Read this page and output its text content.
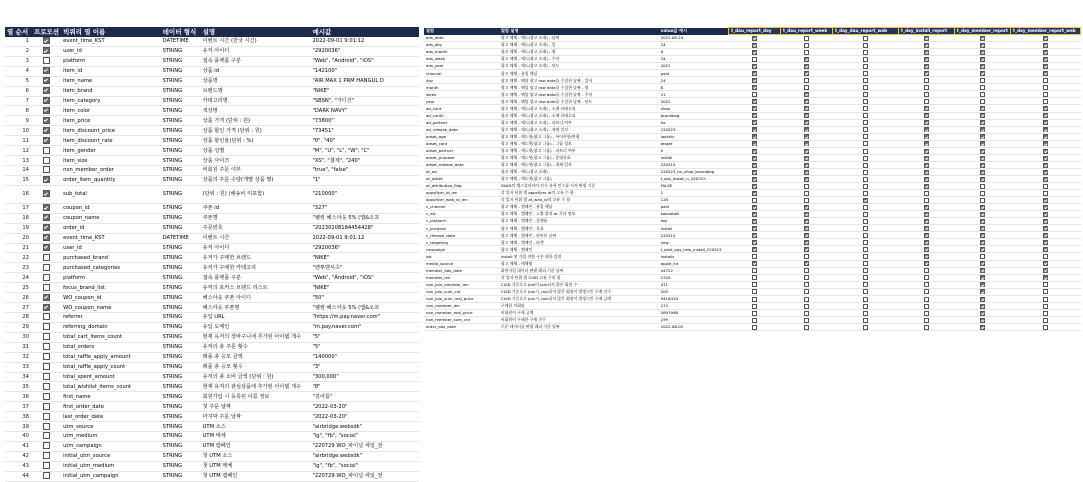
열 순서	프로모션	빅쿼리 열 이름	데이터 형식	설명	예시값
1		event_time_KST	DATETIME	이벤트 시간 (한국 시간)	2022-09-01 9:01:12
2		user_id	STRING	유저 아이디	"2920036"
3		platform	STRING	접속 플랫폼 구분	"Web", "Android", "iOS"
4		item_id	STRING	상품 id	"142100"
5		item_name	STRING	상품명	"AIR MAX 1 PRM HANGUL D
6		item_brand	STRING	브랜드명	"NIKE"
7		item_category	STRING	카테고리명	"SBSN", "가디건"
8		item_color	STRING	색상명	"DARK NAVY"
9		item_price	STRING	상품 가격 (단위 : 원)	"73800"
10		item_discount_price	STRING	상품 할인 가격 (단위 : 원)	"73451"
11		item_discount_rate	STRING	상품 할인율(단위 : %)	"0", "40"
12		item_gender	STRING	상품 성별	"M", "U", "L", "W", "C"
13		item_size	STRING	상품 사이즈	"XS", "철제", "240"
14		non_member_order	STRING	비회원 주문 여부	"true", "false"
15		order_item_quantity	STRING	상품의 주문 수량(개별 상품 별)	"1"
16		sub_total	STRING	(단위 : 원) (배송비 미포함)	"210000"
17		coupon_id	STRING	쿠폰 id	"327"
18		coupon_name	STRING	쿠폰명	"웰컴 혜스아웃 5% (앱&오프
19		order_id	STRING	주문번호	"20230108184454428"
20		event_time_KST	DATETIME	이벤트 시간	2022-09-01 9:01:12
21		user_id	STRING	유저 아이디	"2920036"
22		purchased_brand	STRING	유저가 구매한 브랜드	"NIKE"
23		purchased_categories	STRING	유저가 구매한 카테고리	"맨투맨셔츠"
24		platform	STRING	접속 플랫폼 구분	"Web", "Android", "iOS"
25		focus_brand_list	STRING	유저의 포커스 브랜드 리스트	"NIKE"
26		WO_coupon_id	STRING	혜스아웃 쿠폰 아이디	"50"
27		WO_coupon_name	STRING	혜스아웃 쿠폰명	"웰컴 혜스아웃 5% (앱&오프
28		referrer	STRING	유입 URL	"https://m.pay.naver.com"
29		referring_domain	STRING	유입 도메인	"m.pay.naver.com"
30		total_cart_items_count	STRING	현재 유저의 장바구니에 추가된 아이템 개수	"5"
31		total_orders	STRING	유저의 총 주문 횟수	"5"
32		total_raffle_apply_amount	STRING	래플 총 응모 금액	"140000"
33		total_raffle_apply_count	STRING	래플 총 응모 횟수	"3"
34		total_spent_amount	STRING	유저의 총 소비 금액 (단위 : 원)	"300,000"
35		total_wishlist_items_count	STRING	현재 유저의 관심상품에 추가된 아이템 개수	"8"
36		first_name	STRING	회원가입 시 등록된 이름 정보	"김아름"
37		first_order_date	STRING	첫 주문 날짜	"2022-03-20"
38		last_order_date	STRING	마지막 주문 날짜	"2022-03-20"
39		utm_source	STRING	UTM 소스	"airbridge.websdk"
40		utm_medium	STRING	UTM 매체	"ig", "fb", "social"
41		utm_campaign	STRING	UTM 캠페인	"220729 WO_파이널 세일_전
42		initial_utm_source	STRING	첫 UTM 소스	"airbridge.websdk"
43		initial_utm_medium	STRING	첫 UTM 매체	"ig", "fb", "social"
44		initial_utm_campaign	STRING	첫 UTM 캠페인	"220729 WO_파이널 세일_전
컬럼	컬럼 설명	value값 예시	t_dau_report_day	t_dau_report_week	t_day_dau_report_web	t_day_install_report	t_day_member_report	t_day_member_report_web
ads_date	광고 매체 - 애드(광고 소재) - 날짜	2022-08-24						
ads_day	광고 매체 - 애드(광고 소재) - 일	24						
ads_month	광고 매체 - 애드(광고 소재) - 월	8						
ads_week	광고 매체 - 애드(광고 소재) - 주차	34						
ads_year	광고 매체 - 애드(광고 소재) - 년도	2022						
channel	광고 매체 - 유입 채널	paid						
day	광고 매체 - 해당 광고 raw data를 수집한 날짜 - 일자	24						
month	광고 매체 - 해당 광고 raw data를 수집한 날짜 - 월	8						
week	광고 매체 - 해당 광고 raw data를 수집한 날짜 - 주차	21						
year	광고 매체 - 해당 광고 raw data를 수집한 날짜 - 년도	2022						
ad_cont	광고 매체 - 애드(광고 소재) - 소재 카테고리	shop						
ad_cont2	광고 매체 - 애드(광고 소재) - 소재 카테고리	brandbag						
ad_partner	광고 매체 - 애드(광고 소재) - 파트너 여부	hx						
ad_release_date	광고 매체 - 애드(광고 소재) - 게재 일자	220523						
adset_age	광고 매체 - 애드셋(광고 그룹) - 특이사항/연령	lookhis						
adset_cont	광고 매체 - 애드셋(광고 그룹) - 그룹 정보	target						
adset_partner	광고 매체 - 애드셋(광고 그룹) - 파트너 여부	h						
adset_purpose	광고 매체 - 애드셋(광고 그룹) - 운영목표	install						
adset_release_date	광고 매체 - 애드셋(광고 그룹) - 게재 일자	220315						
af_ad	광고 매체 - 애드(광고 소재)	220523_hx_shop_brandbag						
af_adset	광고 매체 - 애드셋(광고 그룹)	t_aos_install_n_220315						
af_attribution_flag	SKAD의 앱스플라이어 인식 유형 인스톨 가져 판별 기준	FALSE						
appsflyer_id_len	각 일자 단위 별 appsflyer id의 고유 수 합	1						
appsflyer_web_id_len	각 일자 단위 별 af_web_id의 고유 수 합	128						
c_channel	광고 매체 - 캠페인 - 유입 채널	paid						
c_etc	광고 매체 - 캠페인 - 노출 위치 or 기타 정보	kakaotalk						
c_platform	광고 매체 - 캠페인 - 플랫폼	aos						
c_purpose	광고 매체 - 캠페인 - 목표	install						
c_release_date	광고 매체 - 캠페인 - 라이브 날짜	220315						
c_targeting	광고 매체 - 캠페인 - 타겟	new						
campaign	광고 매체 - 캠페인	t_paid_aos_new_install_220315						
ids	install 및 가입 전환 구분 위한 칼럼	installs						
media_source	광고 매체 - 매체명	apple_int						
member_ads_date	회원가입 데이터 판별 레퍼 기준 날짜	44722						
member_len	각 일자 단위 별 CUID 고유 수의 합	1320						
non_join_member_len	CUID 기준으로 Join이 Join되지 않은 회원 수	471						
non_join_sum_cnt	CUID 기준으로 Join시, Join되지 않은 회원이 발생시킨 구매 건수	205						
non_join_sum_real_price	CUID 기준으로 Join시, Join되지 않은 회원이 발생시킨 구매 금액	9416410						
non_member_len	구매한 비회원	274						
non_member_real_price	비회원이 구매 금액	5897998						
non_member_sum_cnt	비회원이 구매한 구매 건수	199						
order_ads_date	주문 데이터를 판별 레퍼 기준 날짜	2022-06-02						
